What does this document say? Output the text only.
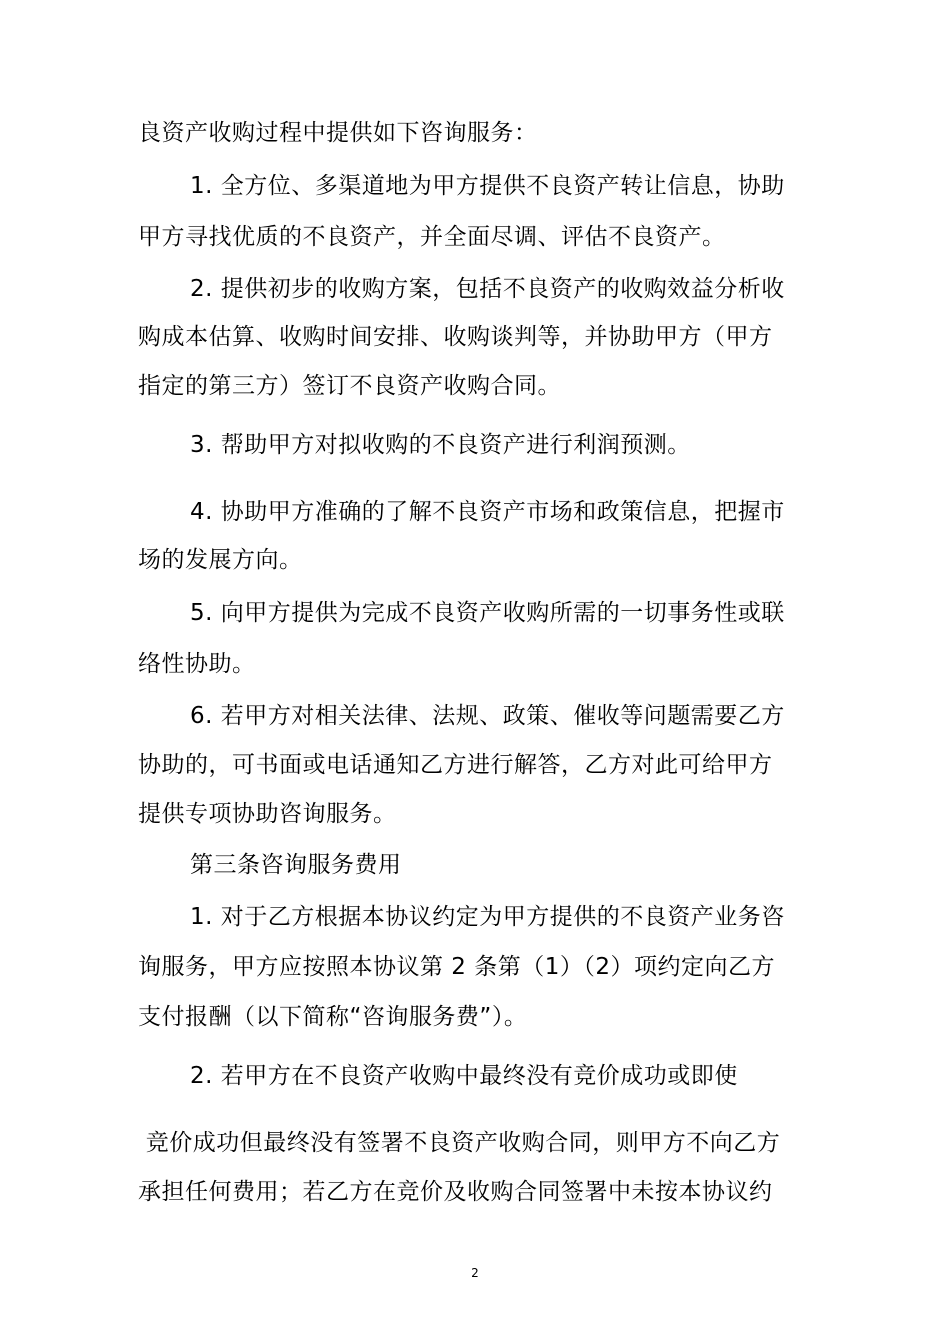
良资产收购过程中提供如下咨询服务：
1. 全方位、多渠道地为甲方提供不良资产转让信息，协助
甲方寻找优质的不良资产，并全面尽调、评估不良资产。
2. 提供初步的收购方案，包括不良资产的收购效益分析收
购成本估算、收购时间安排、收购谈判等，并协助甲方（甲方
指定的第三方）签订不良资产收购合同。
3. 帮助甲方对拟收购的不良资产进行利润预测。
4. 协助甲方准确的了解不良资产市场和政策信息，把握市
场的发展方向。
5. 向甲方提供为完成不良资产收购所需的一切事务性或联
络性协助。
6. 若甲方对相关法律、法规、政策、催收等问题需要乙方
协助的，可书面或电话通知乙方进行解答，乙方对此可给甲方
提供专项协助咨询服务。
第三条咨询服务费用
1. 对于乙方根据本协议约定为甲方提供的不良资产业务咨
询服务，甲方应按照本协议第 2 条第（1）（2）项约定向乙方
支付报酬（以下简称“咨询服务费”）。
2. 若甲方在不良资产收购中最终没有竞价成功或即使
竞价成功但最终没有签署不良资产收购合同，则甲方不向乙方
承担任何费用；若乙方在竞价及收购合同签署中未按本协议约
2
